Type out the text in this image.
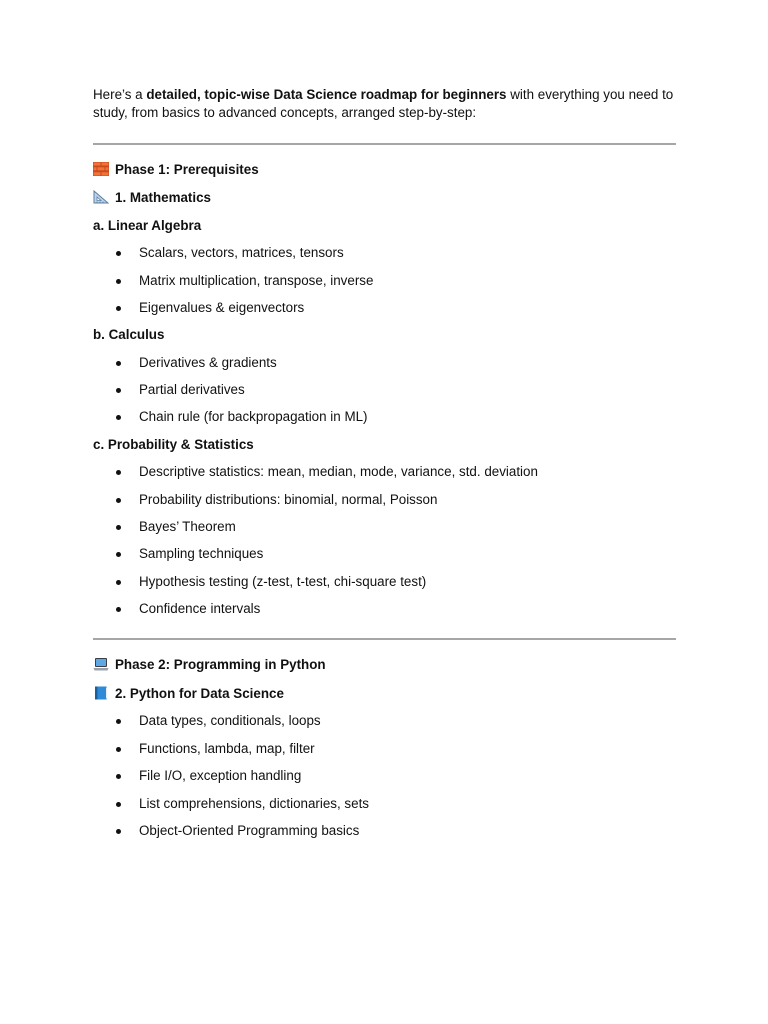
Here’s a detailed, topic-wise Data Science roadmap for beginners with everything you need to study, from basics to advanced concepts, arranged step-by-step:

Phase 1: Prerequisites
1. Mathematics
a. Linear Algebra
Scalars, vectors, matrices, tensors
Matrix multiplication, transpose, inverse
Eigenvalues & eigenvectors
b. Calculus
Derivatives & gradients
Partial derivatives
Chain rule (for backpropagation in ML)
c. Probability & Statistics
Descriptive statistics: mean, median, mode, variance, std. deviation
Probability distributions: binomial, normal, Poisson
Bayes’ Theorem
Sampling techniques
Hypothesis testing (z-test, t-test, chi-square test)
Confidence intervals
Phase 2: Programming in Python
2. Python for Data Science
Data types, conditionals, loops
Functions, lambda, map, filter
File I/O, exception handling
List comprehensions, dictionaries, sets
Object-Oriented Programming basics
